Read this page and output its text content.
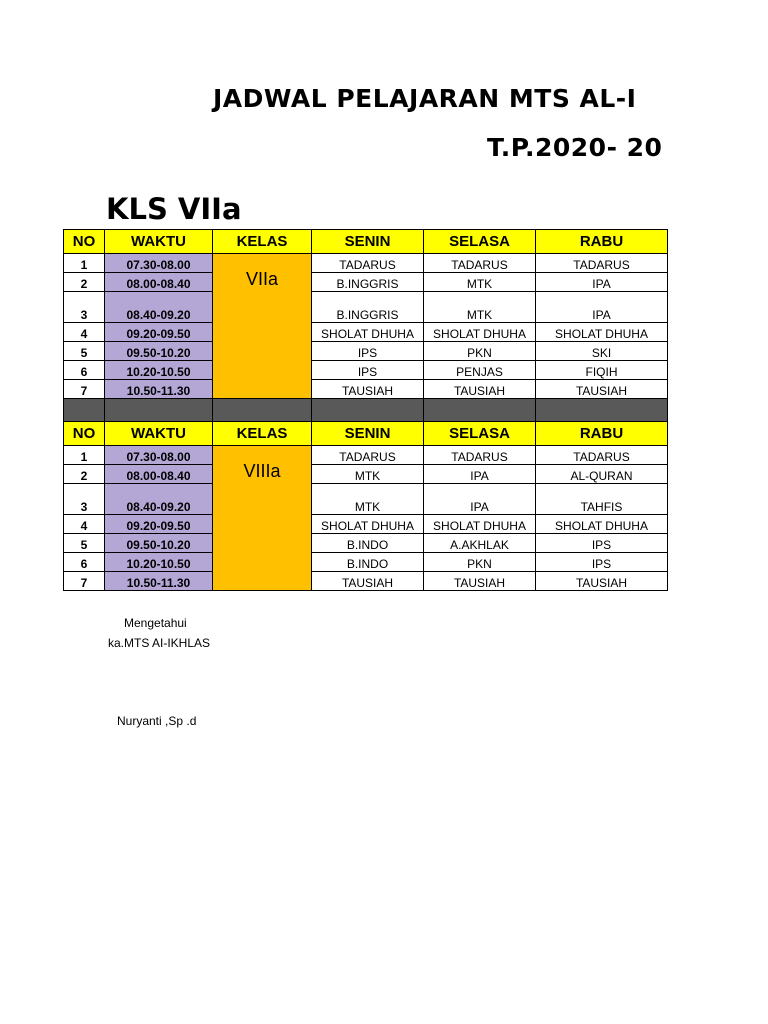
JADWAL PELAJARAN MTS AL-I
T.P.2020- 20
KLS VIIa
NO	WAKTU	KELAS	SENIN	SELASA	RABU
1	07.30-08.00	VIIa	TADARUS	TADARUS	TADARUS
2	08.00-08.40		B.INGGRIS	MTK	IPA
3	08.40-09.20		B.INGGRIS	MTK	IPA
4	09.20-09.50		SHOLAT DHUHA	SHOLAT DHUHA	SHOLAT DHUHA
5	09.50-10.20		IPS	PKN	SKI
6	10.20-10.50		IPS	PENJAS	FIQIH
7	10.50-11.30		TAUSIAH	TAUSIAH	TAUSIAH

NO	WAKTU	KELAS	SENIN	SELASA	RABU
1	07.30-08.00	VIIIa	TADARUS	TADARUS	TADARUS
2	08.00-08.40		MTK	IPA	AL-QURAN
3	08.40-09.20		MTK	IPA	TAHFIS
4	09.20-09.50		SHOLAT DHUHA	SHOLAT DHUHA	SHOLAT DHUHA
5	09.50-10.20		B.INDO	A.AKHLAK	IPS
6	10.20-10.50		B.INDO	PKN	IPS
7	10.50-11.30		TAUSIAH	TAUSIAH	TAUSIAH
Mengetahui
ka.MTS AI-IKHLAS
Nuryanti ,Sp .d
